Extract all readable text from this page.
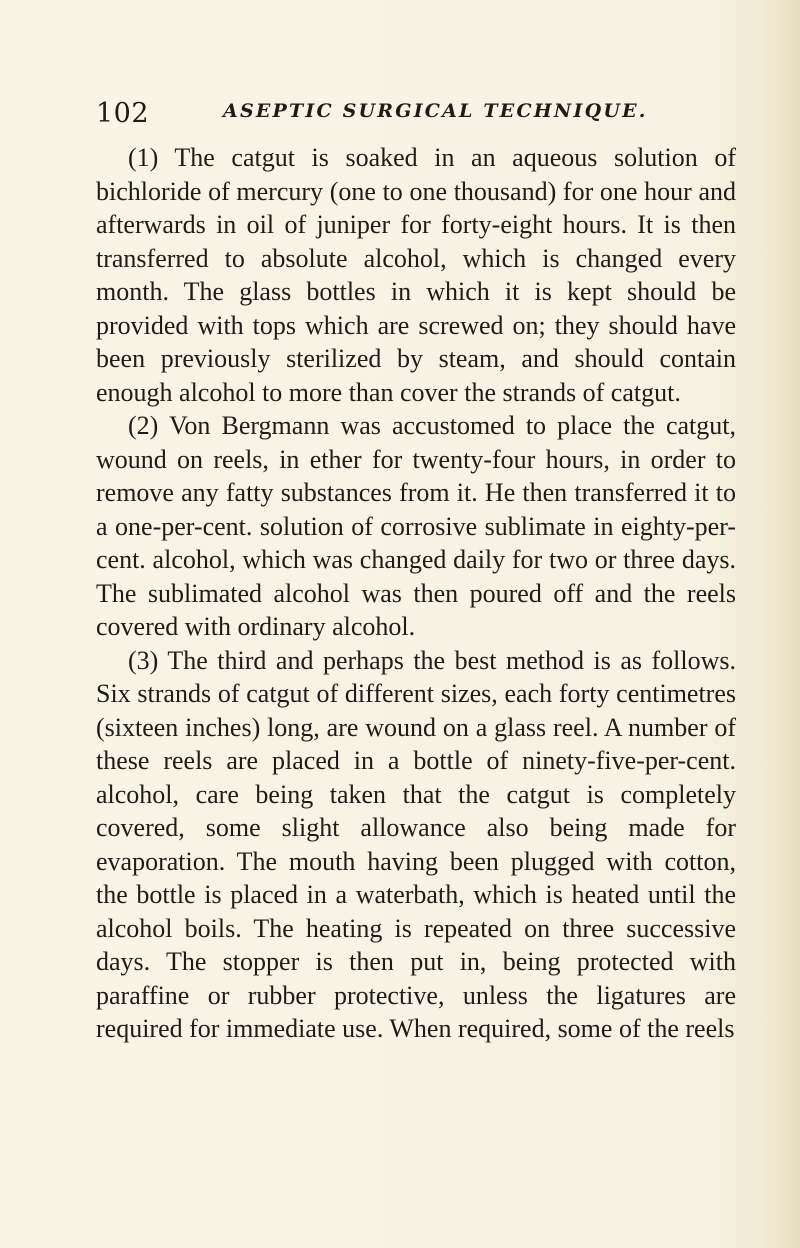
102	ASEPTIC SURGICAL TECHNIQUE.

(1) The catgut is soaked in an aqueous solution of bichloride of mercury (one to one thousand) for one hour and afterwards in oil of juniper for forty-eight hours. It is then transferred to absolute alcohol, which is changed every month. The glass bottles in which it is kept should be provided with tops which are screwed on; they should have been previously sterilized by steam, and should contain enough alcohol to more than cover the strands of catgut.

(2) Von Bergmann was accustomed to place the catgut, wound on reels, in ether for twenty-four hours, in order to remove any fatty substances from it. He then transferred it to a one-per-cent. solution of corrosive sublimate in eighty-per-cent. alcohol, which was changed daily for two or three days. The sublimated alcohol was then poured off and the reels covered with ordinary alcohol.

(3) The third and perhaps the best method is as follows. Six strands of catgut of different sizes, each forty centimetres (sixteen inches) long, are wound on a glass reel. A number of these reels are placed in a bottle of ninety-five-per-cent. alcohol, care being taken that the catgut is completely covered, some slight allowance also being made for evaporation. The mouth having been plugged with cotton, the bottle is placed in a waterbath, which is heated until the alcohol boils. The heating is repeated on three successive days. The stopper is then put in, being protected with paraffine or rubber protective, unless the ligatures are required for immediate use. When required, some of the reels
